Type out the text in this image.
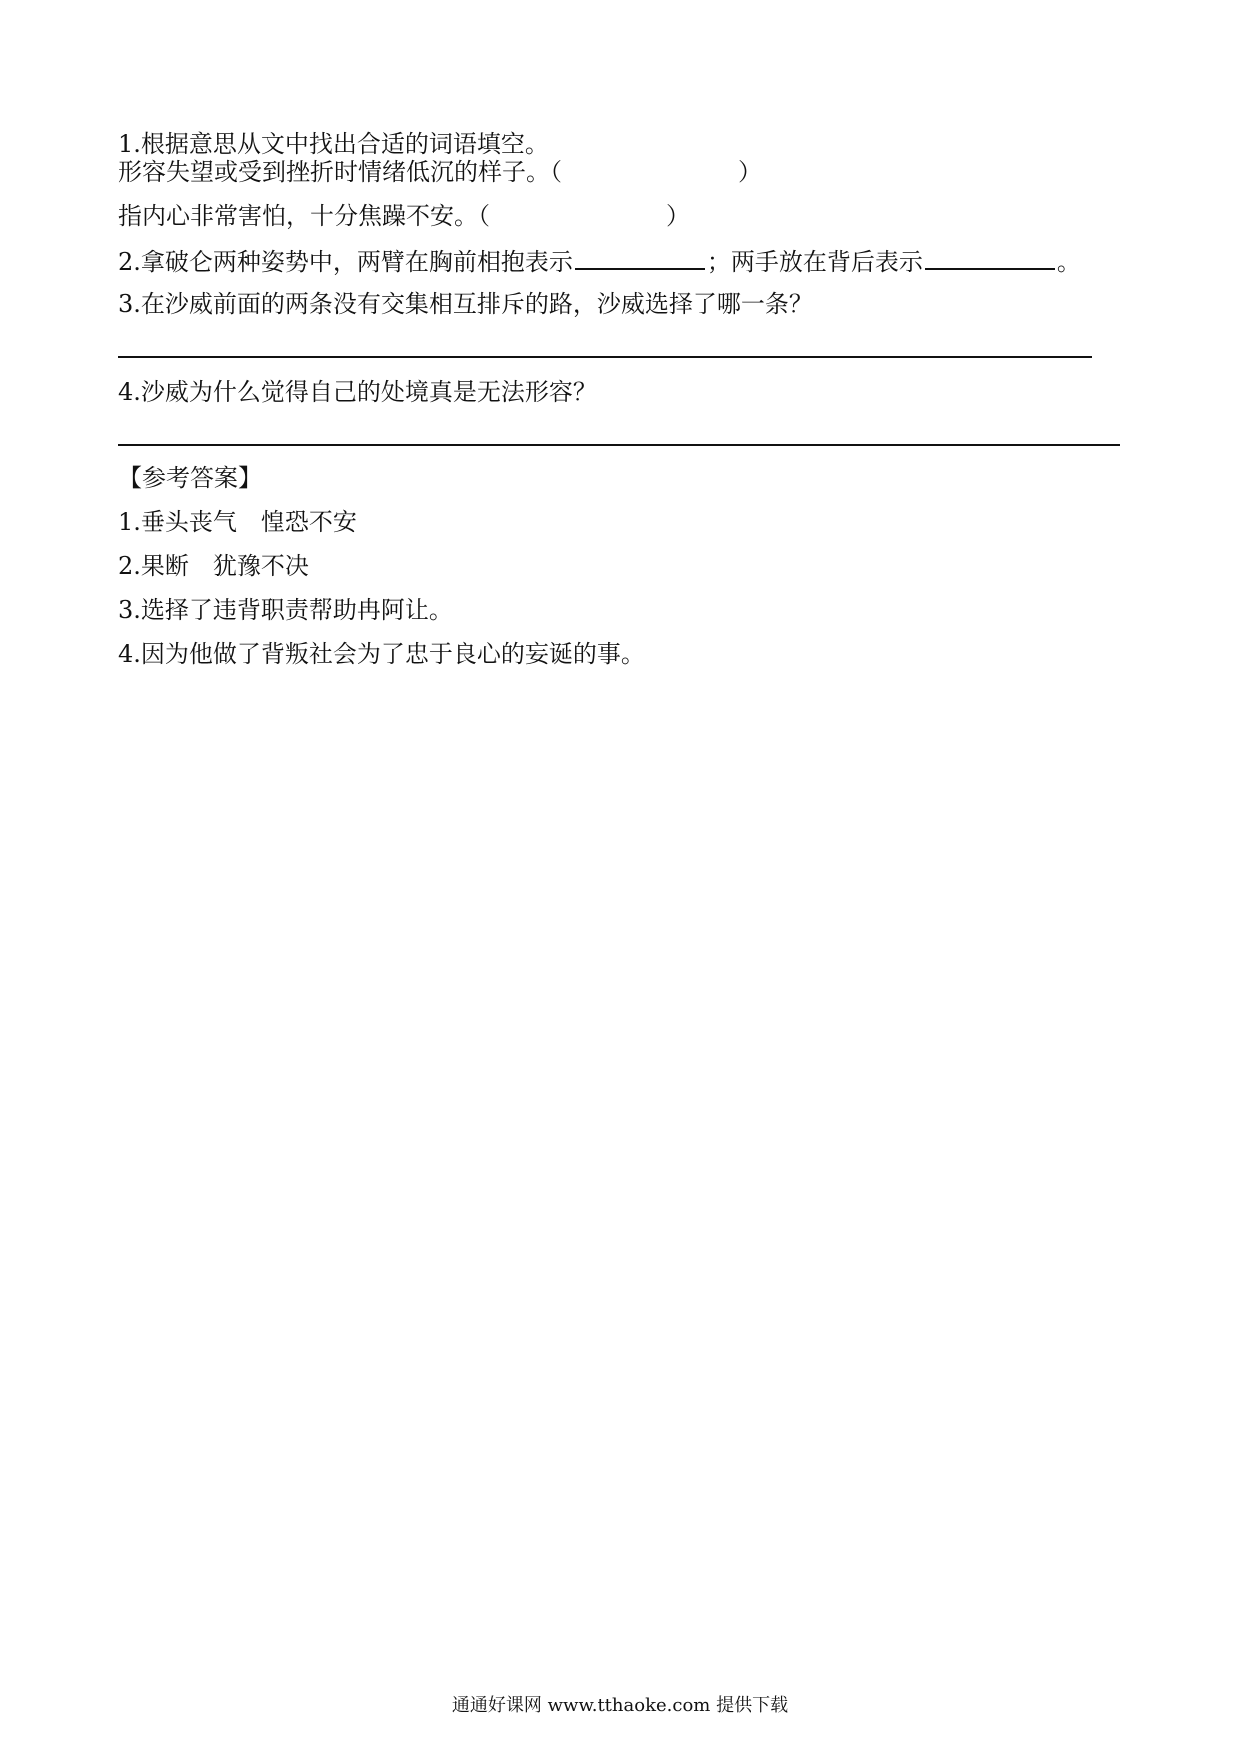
1.根据意思从文中找出合适的词语填空。
形容失望或受到挫折时情绪低沉的样子。（	）
指内心非常害怕，十分焦躁不安。（	）
2.拿破仑两种姿势中，两臂在胸前相抱表示	；两手放在背后表示	。
3.在沙威前面的两条没有交集相互排斥的路，沙威选择了哪一条？
4.沙威为什么觉得自己的处境真是无法形容？
【参考答案】
1.垂头丧气　惶恐不安
2.果断　犹豫不决
3.选择了违背职责帮助冉阿让。
4.因为他做了背叛社会为了忠于良心的妄诞的事。
通通好课网 www.tthaoke.com 提供下载
